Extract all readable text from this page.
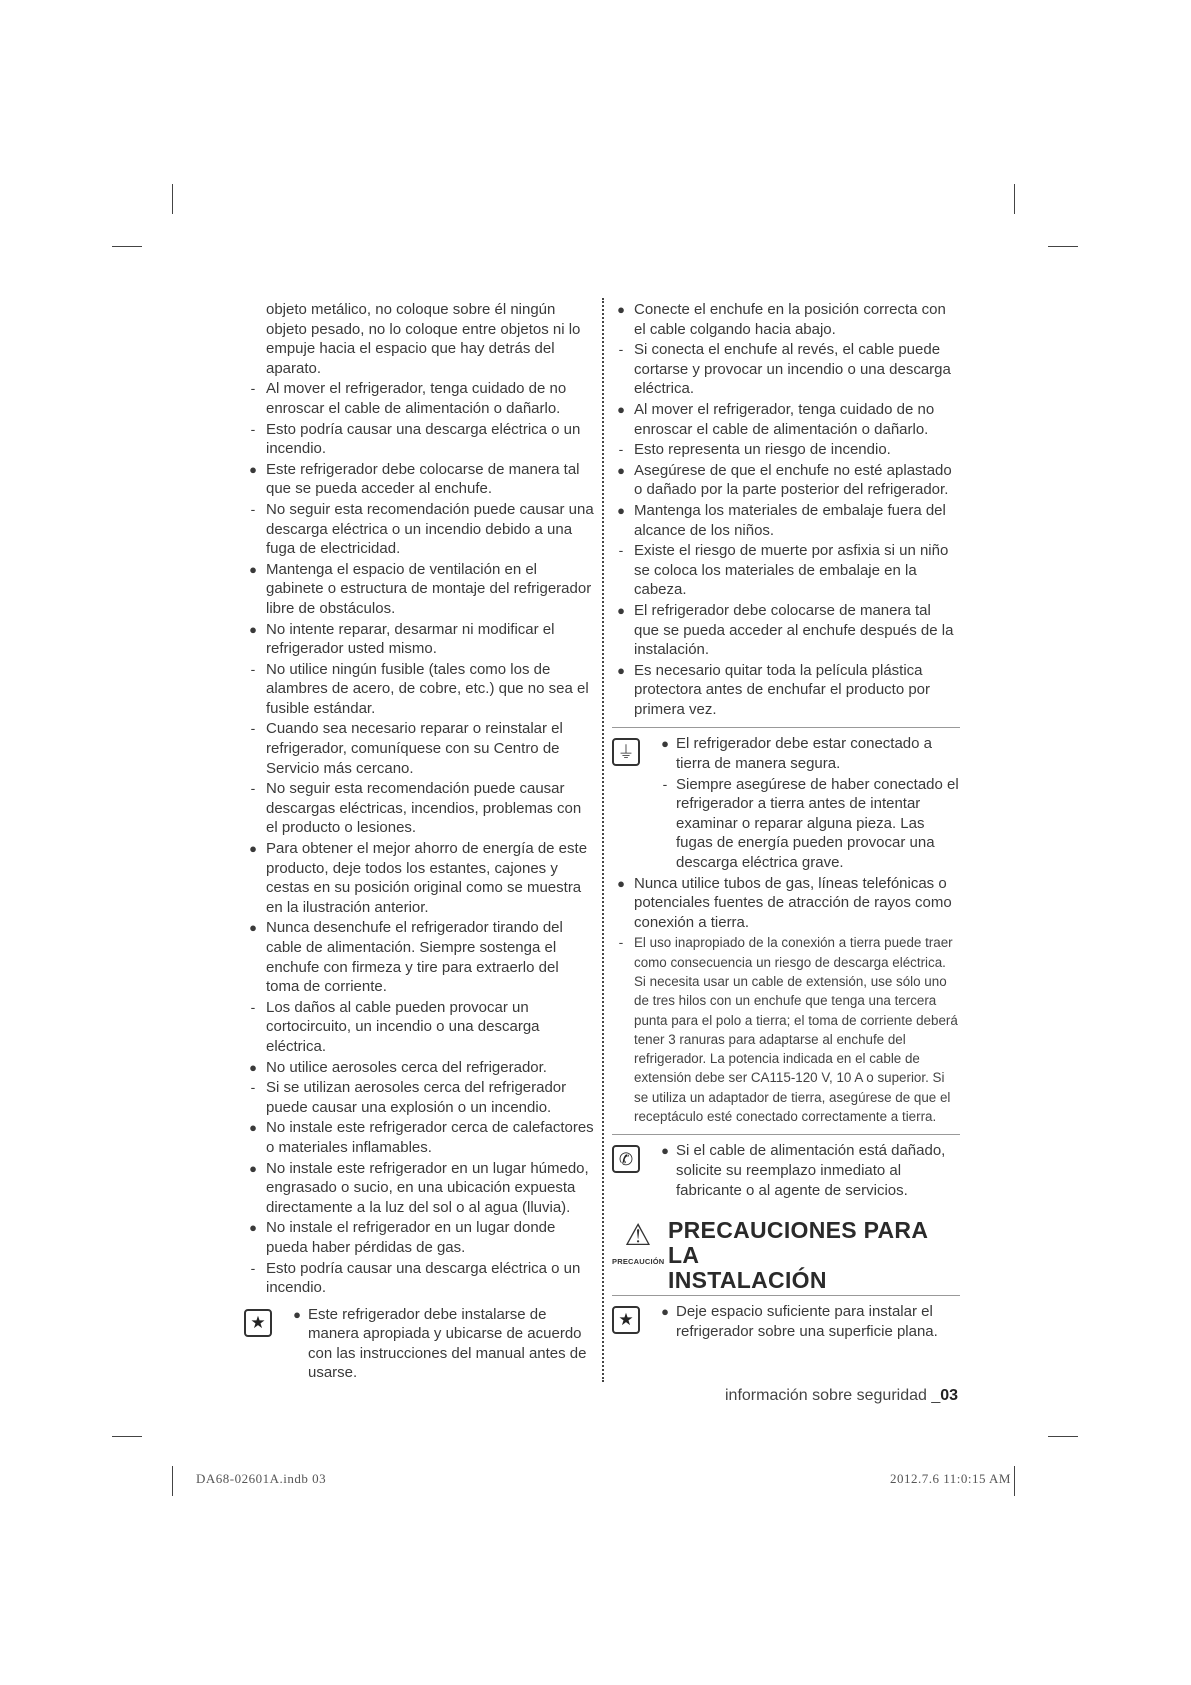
objeto metálico, no coloque sobre él ningún objeto pesado, no lo coloque entre objetos ni lo empuje hacia el espacio que hay detrás del aparato.
- Al mover el refrigerador, tenga cuidado de no enroscar el cable de alimentación o dañarlo.
- Esto podría causar una descarga eléctrica o un incendio.
● Este refrigerador debe colocarse de manera tal que se pueda acceder al enchufe.
- No seguir esta recomendación puede causar una descarga eléctrica o un incendio debido a una fuga de electricidad.
● Mantenga el espacio de ventilación en el gabinete o estructura de montaje del refrigerador libre de obstáculos.
● No intente reparar, desarmar ni modificar el refrigerador usted mismo.
- No utilice ningún fusible (tales como los de alambres de acero, de cobre, etc.) que no sea el fusible estándar.
- Cuando sea necesario reparar o reinstalar el refrigerador, comuníquese con su Centro de Servicio más cercano.
- No seguir esta recomendación puede causar descargas eléctricas, incendios, problemas con el producto o lesiones.
● Para obtener el mejor ahorro de energía de este producto, deje todos los estantes, cajones y cestas en su posición original como se muestra en la ilustración anterior.
● Nunca desenchufe el refrigerador tirando del cable de alimentación. Siempre sostenga el enchufe con firmeza y tire para extraerlo del toma de corriente.
- Los daños al cable pueden provocar un cortocircuito, un incendio o una descarga eléctrica.
● No utilice aerosoles cerca del refrigerador.
- Si se utilizan aerosoles cerca del refrigerador puede causar una explosión o un incendio.
● No instale este refrigerador cerca de calefactores o materiales inflamables.
● No instale este refrigerador en un lugar húmedo, engrasado o sucio, en una ubicación expuesta directamente a la luz del sol o al agua (lluvia).
● No instale el refrigerador en un lugar donde pueda haber pérdidas de gas.
- Esto podría causar una descarga eléctrica o un incendio.
★	● Este refrigerador debe instalarse de manera apropiada y ubicarse de acuerdo con las instrucciones del manual antes de usarse.
● Conecte el enchufe en la posición correcta con el cable colgando hacia abajo.
- Si conecta el enchufe al revés, el cable puede cortarse y provocar un incendio o una descarga eléctrica.
● Al mover el refrigerador, tenga cuidado de no enroscar el cable de alimentación o dañarlo.
- Esto representa un riesgo de incendio.
● Asegúrese de que el enchufe no esté aplastado o dañado por la parte posterior del refrigerador.
● Mantenga los materiales de embalaje fuera del alcance de los niños.
- Existe el riesgo de muerte por asfixia si un niño se coloca los materiales de embalaje en la cabeza.
● El refrigerador debe colocarse de manera tal que se pueda acceder al enchufe después de la instalación.
● Es necesario quitar toda la película plástica protectora antes de enchufar el producto por primera vez.
⏚	● El refrigerador debe estar conectado a tierra de manera segura.
- Siempre asegúrese de haber conectado el refrigerador a tierra antes de intentar examinar o reparar alguna pieza. Las fugas de energía pueden provocar una descarga eléctrica grave.
● Nunca utilice tubos de gas, líneas telefónicas o potenciales fuentes de atracción de rayos como conexión a tierra.
- El uso inapropiado de la conexión a tierra puede traer como consecuencia un riesgo de descarga eléctrica. Si necesita usar un cable de extensión, use sólo uno de tres hilos con un enchufe que tenga una tercera punta para el polo a tierra; el toma de corriente deberá tener 3 ranuras para adaptarse al enchufe del refrigerador. La potencia indicada en el cable de extensión debe ser CA115-120 V, 10 A o superior. Si se utiliza un adaptador de tierra, asegúrese de que el receptáculo esté conectado correctamente a tierra.
✆	● Si el cable de alimentación está dañado, solicite su reemplazo inmediato al fabricante o al agente de servicios.
⚠
PRECAUCIÓN
PRECAUCIONES PARA LA
INSTALACIÓN
★	● Deje espacio suficiente para instalar el refrigerador sobre una superficie plana.
información sobre seguridad _03
DA68-02601A.indb 03	2012.7.6 11:0:15 AM
